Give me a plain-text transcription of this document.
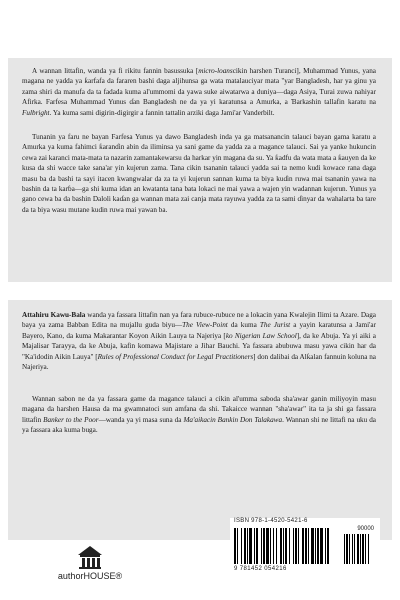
A wannan littafin, wanda ya fi rikitu fannin basussuka [micro-loanscikin harshen Turanci], Muhammad Yunus, yana magana ne yadda ya ƙarfafa da fararen bashi daga aljihunsa ga wata matalauciyar mata "yar Bangladesh, har ya ginu ya zama shiri da manufa da ta fadada kuma al'ummomi da yawa suke aiwatarwa a duniya—daga Asiya, Turai zuwa nahiyar Afirka. Farfesa Muhammad Yunus ɗan Bangladesh ne da ya yi karatunsa a Amurka, a Ɓarkashin tallafin karatu na Fulbright. Ya kuma sami digirin-digirgir a fannin tattalin arziki daga Jami'ar Vanderbilt.

Tunanin ya faru ne bayan Farfesa Yunus ya dawo Bangladesh inda ya ga matsanancin talauci bayan gama karatu a Amurka ya kuma fahimci ƙaranɗin abin da iliminsa ya sani game da yadda za a magance talauci. Sai ya yanke hukuncin cewa zai karanci mata-mata ta nazarin zamantakewarsu da harkar yin magana da su. Ya ƙadfu da wata mata a ƙauyen da ke kusa da shi wacce take sana'ar yin kujerun zama. Tana cikin tsananin talauci yadda sai ta nemo kudi kowace rana daga masu ba da bashi ta sayi itacen kwangwalar da za ta yi kujerun sannan kuma ta biya kuɗin ruwa mai tsananin yawa na bashin da ta karɓa—ga shi kuma idan an kwatanta tana bata lokaci ne mai yawa a wajen yin wadannan kujerun. Yunus ya gano cewa ba da bashin Daloli kaɗan ga wannan mata zai canja mata rayuwa yadda za ta sami ɗinyar da wahalarta ba tare da ta biya wasu mutane kudin ruwa mai yawan ba.

Attahiru Kawu-Bala wanda ya fassara littafin nan ya fara rubuce-rubuce ne a lokacin yana Kwalejin Ilimi ta Azare. Daga baya ya zama Babban Edita na mujallu guda biyu—The View-Point da kuma The Jurist a yayin karatunsa a Jami'ar Bayero, Kano, da kuma Makarantar Koyon Aikin Lauya ta Najeriya [ko Nigerian Law School], da ke Abuja. Ya yi aiki a Majalisar Tarayya, da ke Abuja, kafin komawa Majistare a Jihar Bauchi. Ya fassara abubuwa masu yawa cikin har da "Ka'idodin Aikin Lauya" [Rules of Professional Conduct for Legal Practitioners] don dalibai da Alƙalan fannuin koluna na Najeriya.

Wannan sabon ne da ya fassara game da magance talauci a cikin al'umma saboda sha'awar ganin miliyoyin masu magana da harshen Hausa da ma gwamnatoci sun amfana da shi. Takaicce wannan "sha'awar" ita ta ja shi ga fassara littafin Banker to the Poor—wanda ya yi masa suna da Ma'aikacin Bankin Don Talakawa. Wannan shi ne littafi na uku da ya fassara aka kuma buga.

authorHOUSE®
ISBN 978-1-4520-5421-6
90000
9 781452 054216
